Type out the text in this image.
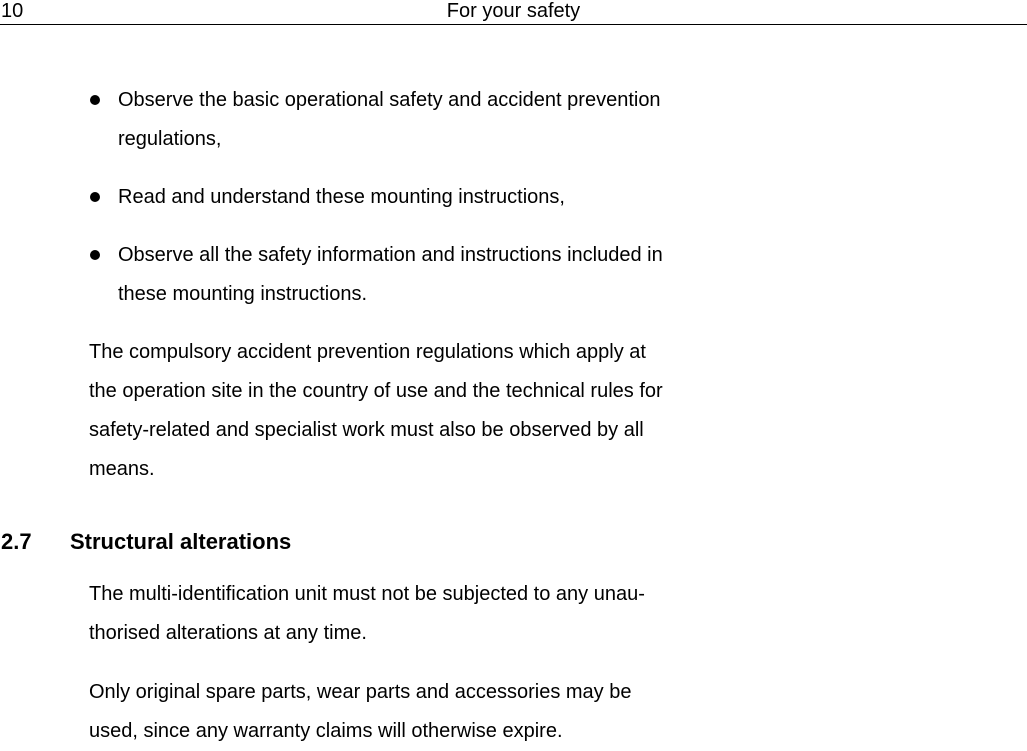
10	For your safety
Observe the basic operational safety and accident prevention
regulations,
Read and understand these mounting instructions,
Observe all the safety information and instructions included in
these mounting instructions.

The compulsory accident prevention regulations which apply at
the operation site in the country of use and the technical rules for
safety-related and specialist work must also be observed by all
means.

2.7 Structural alterations

The multi-identification unit must not be subjected to any unau-
thorised alterations at any time.

Only original spare parts, wear parts and accessories may be
used, since any warranty claims will otherwise expire.
